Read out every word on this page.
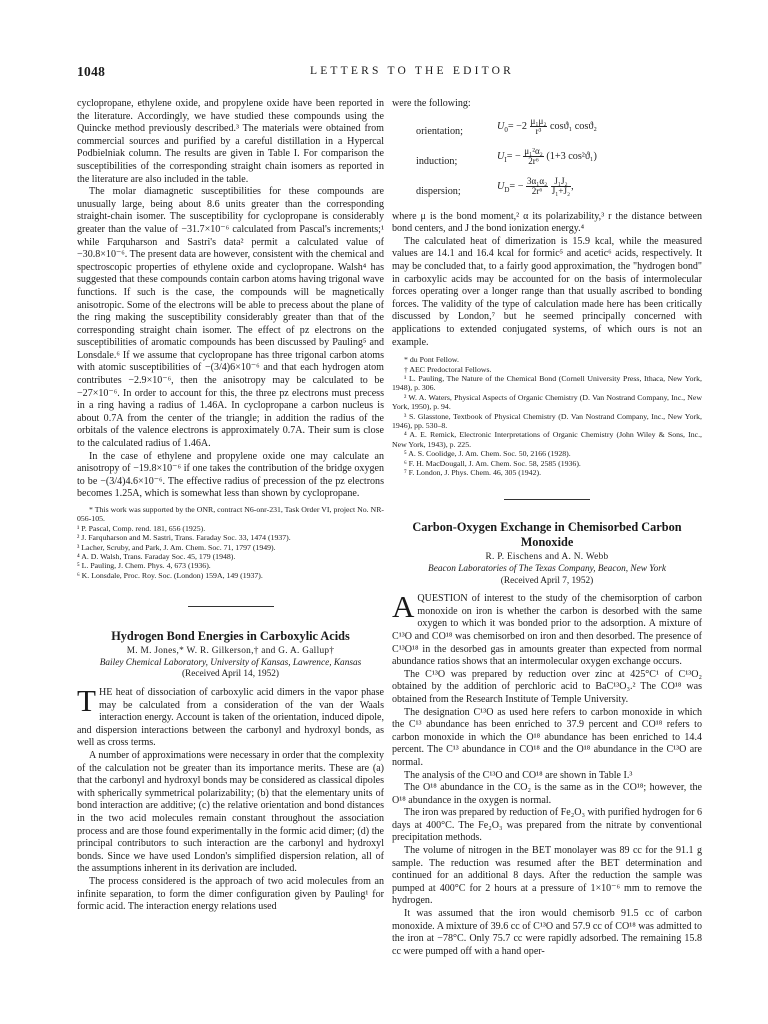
1048	LETTERS TO THE EDITOR

cyclopropane, ethylene oxide, and propylene oxide have been reported in the literature. Accordingly, we have studied these compounds using the Quincke method previously described.³ The materials were obtained from commercial sources and purified by a careful distillation in a Hypercal Podbielniak column. The results are given in Table I. For comparison the susceptibilities of the corresponding straight chain isomers as reported in the literature are also included in the table.

The molar diamagnetic susceptibilities for these compounds are unusually large, being about 8.6 units greater than the corresponding straight-chain isomer. The susceptibility for cyclopropane is considerably greater than the value of −31.7×10⁻⁶ calculated from Pascal's increments;¹ while Farquharson and Sastri's data² permit a calculated value of −30.8×10⁻⁶. The present data are however, consistent with the chemical and spectroscopic properties of ethylene oxide and cyclopropane. Walsh⁴ has suggested that these compounds contain carbon atoms having trigonal wave functions. If such is the case, the compounds will be magnetically anisotropic. Some of the electrons will be able to precess about the plane of the ring making the susceptibility considerably greater than that of the corresponding straight chain isomer. The effect of pz electrons on the susceptibilities of aromatic compounds has been discussed by Pauling⁵ and Lonsdale.⁶ If we assume that cyclopropane has three trigonal carbon atoms with atomic susceptibilities of −(3/4)6×10⁻⁶ and that each hydrogen atom contributes −2.9×10⁻⁶, then the anisotropy may be calculated to be −27×10⁻⁶. In order to account for this, the three pz electrons must precess in a ring having a radius of 1.46A. In cyclopropane a carbon nucleus is about 0.7A from the center of the triangle; in addition the radius of the orbitals of the valence electrons is approximately 0.7A. Their sum is close to the calculated radius of 1.46A.

In the case of ethylene and propylene oxide one may calculate an anisotropy of −19.8×10⁻⁶ if one takes the contribution of the bridge oxygen to be −(3/4)4.6×10⁻⁶. The effective radius of precession of the pz electrons becomes 1.25A, which is somewhat less than shown by cyclopropane.

* This work was supported by the ONR, contract N6-onr-231, Task Order VI, project No. NR-056-105.
¹ P. Pascal, Comp. rend. 181, 656 (1925).
² J. Farquharson and M. Sastri, Trans. Faraday Soc. 33, 1474 (1937).
³ Lacher, Scruby, and Park, J. Am. Chem. Soc. 71, 1797 (1949).
⁴ A. D. Walsh, Trans. Faraday Soc. 45, 179 (1948).
⁵ L. Pauling, J. Chem. Phys. 4, 673 (1936).
⁶ K. Lonsdale, Proc. Roy. Soc. (London) 159A, 149 (1937).
Hydrogen Bond Energies in Carboxylic Acids
M. M. Jones,* W. R. Gilkerson,† and G. A. Gallup†
Bailey Chemical Laboratory, University of Kansas, Lawrence, Kansas
(Received April 14, 1952)

THE heat of dissociation of carboxylic acid dimers in the vapor phase may be calculated from a consideration of the van der Waals interaction energy. Account is taken of the orientation, induced dipole, and dispersion interactions between the carbonyl and hydroxyl bonds, as well as cross terms.

A number of approximations were necessary in order that the complexity of the calculation not be greater than its importance merits. These are (a) that the carbonyl and hydroxyl bonds may be considered as classical dipoles with spherically symmetrical polarizability; (b) that the elementary units of bond interaction are additive; (c) the relative orientation and bond distances in the two acid molecules remain constant throughout the association process and are those found experimentally in the formic acid dimer; (d) the principal contributors to such interaction are the carbonyl and hydroxyl bonds. Since we have used London's simplified dispersion relation, all of the assumptions inherent in its derivation are included.

The process considered is the approach of two acid molecules from an infinite separation, to form the dimer configuration given by Pauling¹ for formic acid. The interaction energy relations used

were the following:

orientation;	$U_0= -2 \frac{\text{μ₁μ₂}}{\text{r³}} \cos ϑ_1$ cosϑ₂
induction;	$U_I= - \frac{\text{μ₁²α₂}}{\text{2r⁶}} (1+3$ cos²ϑ₁)
dispersion;	$U_D= - \frac{\text{3α₁α₂}}{\text{2r⁶}}$
$\frac{\text{J₁J₂}}{\text{J₁+J₂}}$ ,

where μ is the bond moment,² α its polarizability,³ r the distance between bond centers, and J the bond ionization energy.⁴

The calculated heat of dimerization is 15.9 kcal, while the measured values are 14.1 and 16.4 kcal for formic⁵ and acetic⁶ acids, respectively. It may be concluded that, to a fairly good approximation, the "hydrogen bond" in carboxylic acids may be accounted for on the basis of intermolecular forces operating over a longer range than that usually ascribed to bonding forces. The validity of the type of calculation made here has been critically discussed by London,⁷ but he seemed principally concerned with applications to extended conjugated systems, of which ours is not an example.

* du Pont Fellow.
† AEC Predoctoral Fellows.
¹ L. Pauling, The Nature of the Chemical Bond (Cornell University Press, Ithaca, New York, 1948), p. 306.
² W. A. Waters, Physical Aspects of Organic Chemistry (D. Van Nostrand Company, Inc., New York, 1950), p. 94.
³ S. Glasstone, Textbook of Physical Chemistry (D. Van Nostrand Company, Inc., New York, 1946), pp. 530–8.
⁴ A. E. Remick, Electronic Interpretations of Organic Chemistry (John Wiley & Sons, Inc., New York, 1943), p. 225.
⁵ A. S. Coolidge, J. Am. Chem. Soc. 50, 2166 (1928).
⁶ F. H. MacDougall, J. Am. Chem. Soc. 58, 2585 (1936).
⁷ F. London, J. Phys. Chem. 46, 305 (1942).
Carbon-Oxygen Exchange in Chemisorbed Carbon Monoxide
R. P. Eischens and A. N. Webb
Beacon Laboratories of The Texas Company, Beacon, New York
(Received April 7, 1952)

AQUESTION of interest to the study of the chemisorption of carbon monoxide on iron is whether the carbon is desorbed with the same oxygen to which it was bonded prior to the adsorption. A mixture of C¹³O and CO¹⁸ was chemisorbed on iron and then desorbed. The presence of C¹³O¹⁸ in the desorbed gas in amounts greater than expected from normal abundance ratios shows that an intermolecular oxygen exchange occurs.

The C¹³O was prepared by reduction over zinc at 425°C¹ of C¹³O₂ obtained by the addition of perchloric acid to BaC¹³O₃.² The CO¹⁸ was obtained from the Research Institute of Temple University.

The designation C¹³O as used here refers to carbon monoxide in which the C¹³ abundance has been enriched to 37.9 percent and CO¹⁸ refers to carbon monoxide in which the O¹⁸ abundance has been enriched to 14.4 percent. The C¹³ abundance in CO¹⁸ and the O¹⁸ abundance in the C¹³O are normal.

The analysis of the C¹³O and CO¹⁸ are shown in Table I.³

The O¹⁸ abundance in the CO₂ is the same as in the CO¹⁸; however, the O¹⁸ abundance in the oxygen is normal.

The iron was prepared by reduction of Fe₂O₃ with purified hydrogen for 6 days at 400°C. The Fe₂O₃ was prepared from the nitrate by conventional precipitation methods.

The volume of nitrogen in the BET monolayer was 89 cc for the 91.1 g sample. The reduction was resumed after the BET determination and continued for an additional 8 days. After the reduction the sample was pumped at 400°C for 2 hours at a pressure of 1×10⁻⁶ mm to remove the hydrogen.

It was assumed that the iron would chemisorb 91.5 cc of carbon monoxide. A mixture of 39.6 cc of C¹³O and 57.9 cc of CO¹⁸ was admitted to the iron at −78°C. Only 75.7 cc were rapidly adsorbed. The remaining 15.8 cc were pumped off with a hand oper-
